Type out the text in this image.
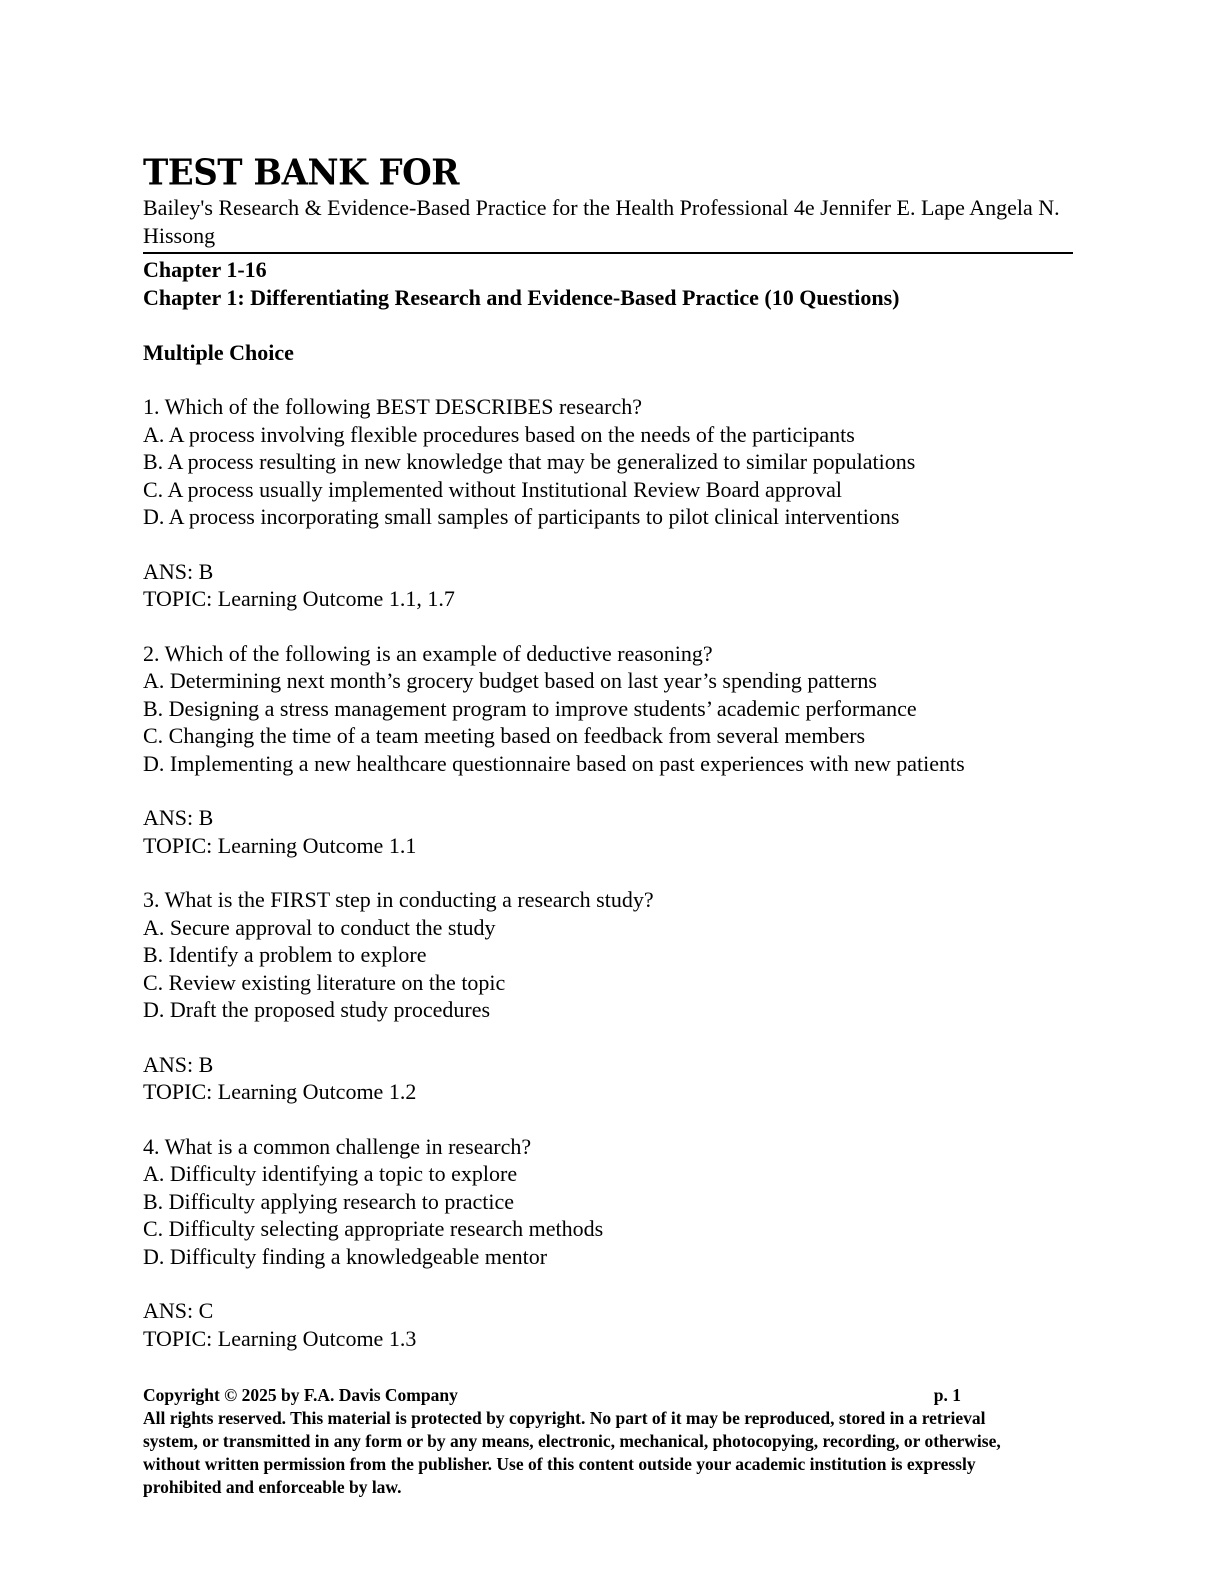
TEST BANK FOR

Bailey's Research & Evidence-Based Practice for the Health Professional 4e Jennifer E. Lape Angela N. Hissong

Chapter 1-16

Chapter 1: Differentiating Research and Evidence-Based Practice (10 Questions)

Multiple Choice

1. Which of the following BEST DESCRIBES research?
A. A process involving flexible procedures based on the needs of the participants
B. A process resulting in new knowledge that may be generalized to similar populations
C. A process usually implemented without Institutional Review Board approval
D. A process incorporating small samples of participants to pilot clinical interventions
ANS: B
TOPIC: Learning Outcome 1.1, 1.7
2. Which of the following is an example of deductive reasoning?
A. Determining next month’s grocery budget based on last year’s spending patterns
B. Designing a stress management program to improve students’ academic performance
C. Changing the time of a team meeting based on feedback from several members
D. Implementing a new healthcare questionnaire based on past experiences with new patients
ANS: B
TOPIC: Learning Outcome 1.1
3. What is the FIRST step in conducting a research study?
A. Secure approval to conduct the study
B. Identify a problem to explore
C. Review existing literature on the topic
D. Draft the proposed study procedures
ANS: B
TOPIC: Learning Outcome 1.2
4. What is a common challenge in research?
A. Difficulty identifying a topic to explore
B. Difficulty applying research to practice
C. Difficulty selecting appropriate research methods
D. Difficulty finding a knowledgeable mentor
ANS: C
TOPIC: Learning Outcome 1.3
Copyright © 2025 by F.A. Davis Company	p. 1

All rights reserved. This material is protected by copyright. No part of it may be reproduced, stored in a retrieval system, or transmitted in any form or by any means, electronic, mechanical, photocopying, recording, or otherwise, without written permission from the publisher. Use of this content outside your academic institution is expressly prohibited and enforceable by law.
